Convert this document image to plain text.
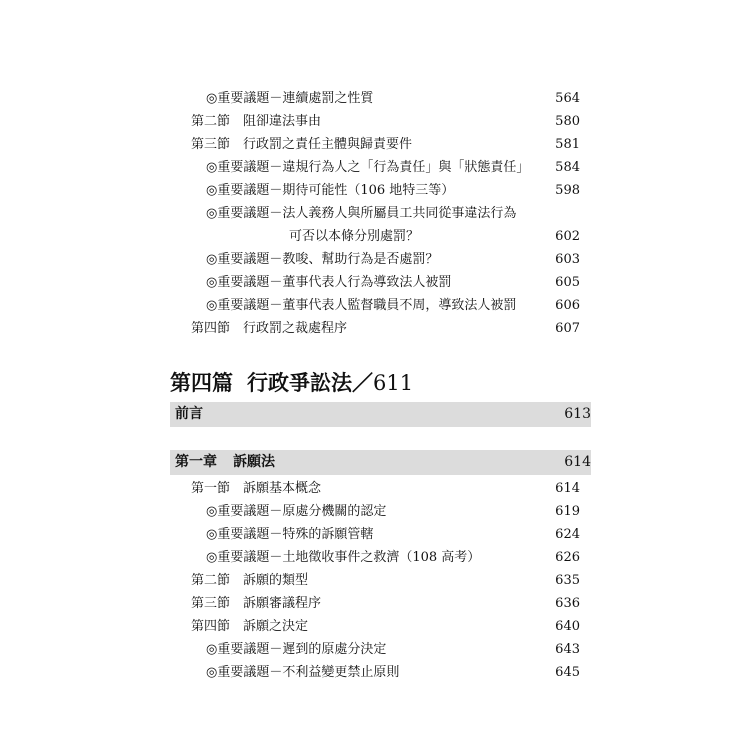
◎重要議題－連續處罰之性質	564
第二節　阻卻違法事由	580
第三節　行政罰之責任主體與歸責要件	581
◎重要議題－違規行為人之「行為責任」與「狀態責任」 584
◎重要議題－期待可能性（106 地特三等）	598
◎重要議題－法人義務人與所屬員工共同從事違法行為
可否以本條分別處罰？	602
◎重要議題－教唆、幫助行為是否處罰？	603
◎重要議題－董事代表人行為導致法人被罰	605
◎重要議題－董事代表人監督職員不周，導致法人被罰	606
第四節　行政罰之裁處程序	607
第四篇 行政爭訟法／611
前言	613
第一章 訴願法	614
第一節　訴願基本概念	614
◎重要議題－原處分機關的認定	619
◎重要議題－特殊的訴願管轄	624
◎重要議題－土地徵收事件之救濟（108 高考）	626
第二節　訴願的類型	635
第三節　訴願審議程序	636
第四節　訴願之決定	640
◎重要議題－遲到的原處分決定	643
◎重要議題－不利益變更禁止原則	645
